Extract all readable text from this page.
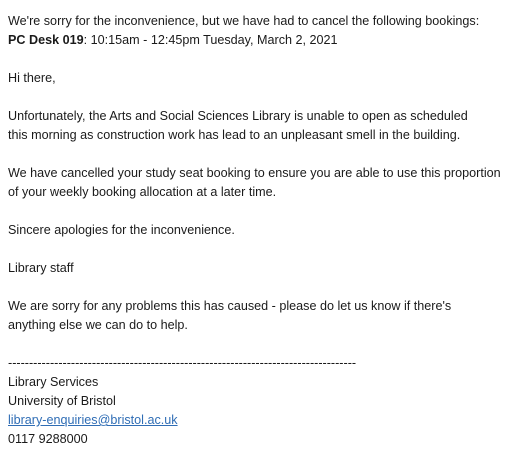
We're sorry for the inconvenience, but we have had to cancel the following bookings:
PC Desk 019: 10:15am - 12:45pm Tuesday, March 2, 2021
Hi there,

Unfortunately, the Arts and Social Sciences Library is unable to open as scheduled this morning as construction work has lead to an unpleasant smell in the building.

We have cancelled your study seat booking to ensure you are able to use this proportion of your weekly booking allocation at a later time.

Sincere apologies for the inconvenience.
Library staff

We are sorry for any problems this has caused - please do let us know if there's anything else we can do to help.

-----------------------------------------------------------------------------------
Library Services
University of Bristol
library-enquiries@bristol.ac.uk
0117 9288000
